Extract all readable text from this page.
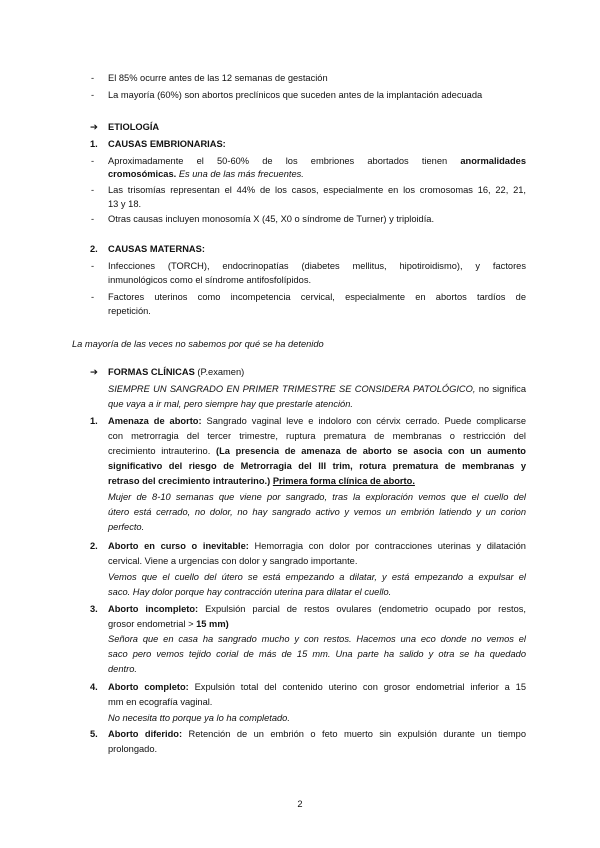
- El 85% ocurre antes de las 12 semanas de gestación
- La mayoría (60%) son abortos preclínicos que suceden antes de la implantación adecuada
➔ ETIOLOGÍA
1. CAUSAS EMBRIONARIAS:
- Aproximadamente el 50-60% de los embriones abortados tienen anormalidades
cromosómicas. Es una de las más frecuentes.
- Las trisomías representan el 44% de los casos, especialmente en los cromosomas 16, 22, 21,
13 y 18.
- Otras causas incluyen monosomía X (45, X0 o síndrome de Turner) y triploidía.
2. CAUSAS MATERNAS:
- Infecciones (TORCH), endocrinopatías (diabetes mellitus, hipotiroidismo), y factores
inmunológicos como el síndrome antifosfolípidos.
- Factores uterinos como incompetencia cervical, especialmente en abortos tardíos de
repetición.
La mayoría de las veces no sabemos por qué se ha detenido
➔ FORMAS CLÍNICAS (P.examen)
SIEMPRE UN SANGRADO EN PRIMER TRIMESTRE SE CONSIDERA PATOLÓGICO, no significa
que vaya a ir mal, pero siempre hay que prestarle atención.
1. Amenaza de aborto: Sangrado vaginal leve e indoloro con cérvix cerrado. Puede complicarse
con metrorragia del tercer trimestre, ruptura prematura de membranas o restricción del
crecimiento intrauterino. (La presencia de amenaza de aborto se asocia con un aumento
significativo del riesgo de Metrorragia del III trim, rotura prematura de membranas y
retraso del crecimiento intrauterino.) Primera forma clínica de aborto.
Mujer de 8-10 semanas que viene por sangrado, tras la exploración vemos que el cuello del
útero está cerrado, no dolor, no hay sangrado activo y vemos un embrión latiendo y un corion
perfecto.
2. Aborto en curso o inevitable: Hemorragia con dolor por contracciones uterinas y dilatación
cervical. Viene a urgencias con dolor y sangrado importante.
Vemos que el cuello del útero se está empezando a dilatar, y está empezando a expulsar el
saco. Hay dolor porque hay contracción uterina para dilatar el cuello.
3. Aborto incompleto: Expulsión parcial de restos ovulares (endometrio ocupado por restos,
grosor endometrial > 15 mm)
Señora que en casa ha sangrado mucho y con restos. Hacemos una eco donde no vemos el
saco pero vemos tejido corial de más de 15 mm. Una parte ha salido y otra se ha quedado
dentro.
4. Aborto completo: Expulsión total del contenido uterino con grosor endometrial inferior a 15
mm en ecografía vaginal.
No necesita tto porque ya lo ha completado.
5. Aborto diferido: Retención de un embrión o feto muerto sin expulsión durante un tiempo
prolongado.
2
